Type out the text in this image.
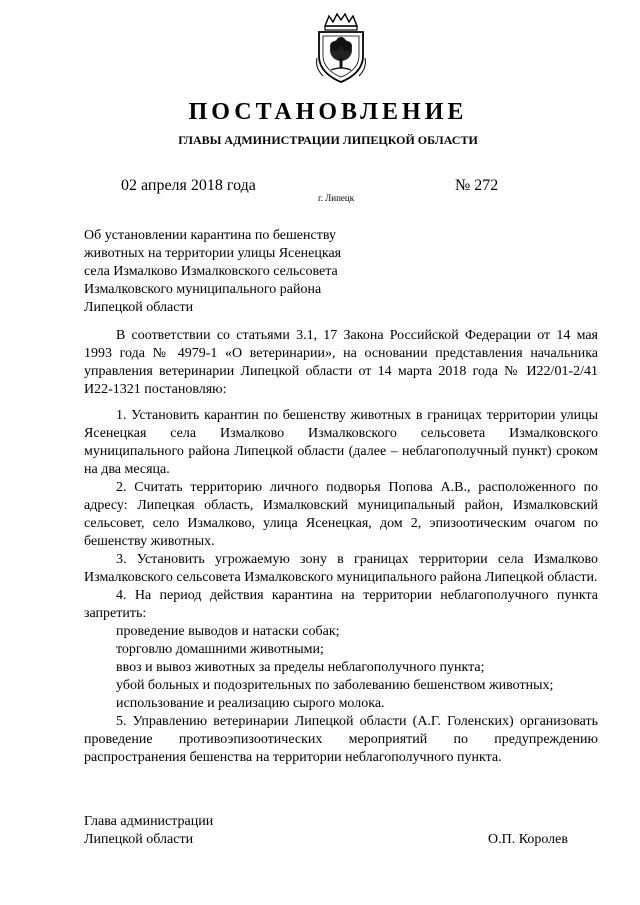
ПОСТАНОВЛЕНИЕ
ГЛАВЫ АДМИНИСТРАЦИИ ЛИПЕЦКОЙ ОБЛАСТИ
02 апреля 2018 года
г. Липецк
№ 272
Об установлении карантина по бешенству
животных на территории улицы Ясенецкая
села Измалково Измалковского сельсовета
Измалковского муниципального района
Липецкой области

В соответствии со статьями 3.1, 17 Закона Российской Федерации от 14 мая 1993 года № 4979-1 «О ветеринарии», на основании представления начальника управления ветеринарии Липецкой области от 14 марта 2018 года № И22/01-2/41 И22-1321 постановляю:

1. Установить карантин по бешенству животных в границах территории улицы Ясенецкая села Измалково Измалковского сельсовета Измалковского муниципального района Липецкой области (далее – неблагополучный пункт) сроком на два месяца.

2. Считать территорию личного подворья Попова А.В., расположенного по адресу: Липецкая область, Измалковский муниципальный район, Измалковский сельсовет, село Измалково, улица Ясенецкая, дом 2, эпизоотическим очагом по бешенству животных.

3. Установить угрожаемую зону в границах территории села Измалково Измалковского сельсовета Измалковского муниципального района Липецкой области.

4. На период действия карантина на территории неблагополучного пункта запретить:

проведение выводов и натаски собак;

торговлю домашними животными;

ввоз и вывоз животных за пределы неблагополучного пункта;

убой больных и подозрительных по заболеванию бешенством животных;

использование и реализацию сырого молока.

5. Управлению ветеринарии Липецкой области (А.Г. Голенских) организовать проведение противоэпизоотических мероприятий по предупреждению распространения бешенства на территории неблагополучного пункта.

Глава администрации
Липецкой области	О.П. Королев
